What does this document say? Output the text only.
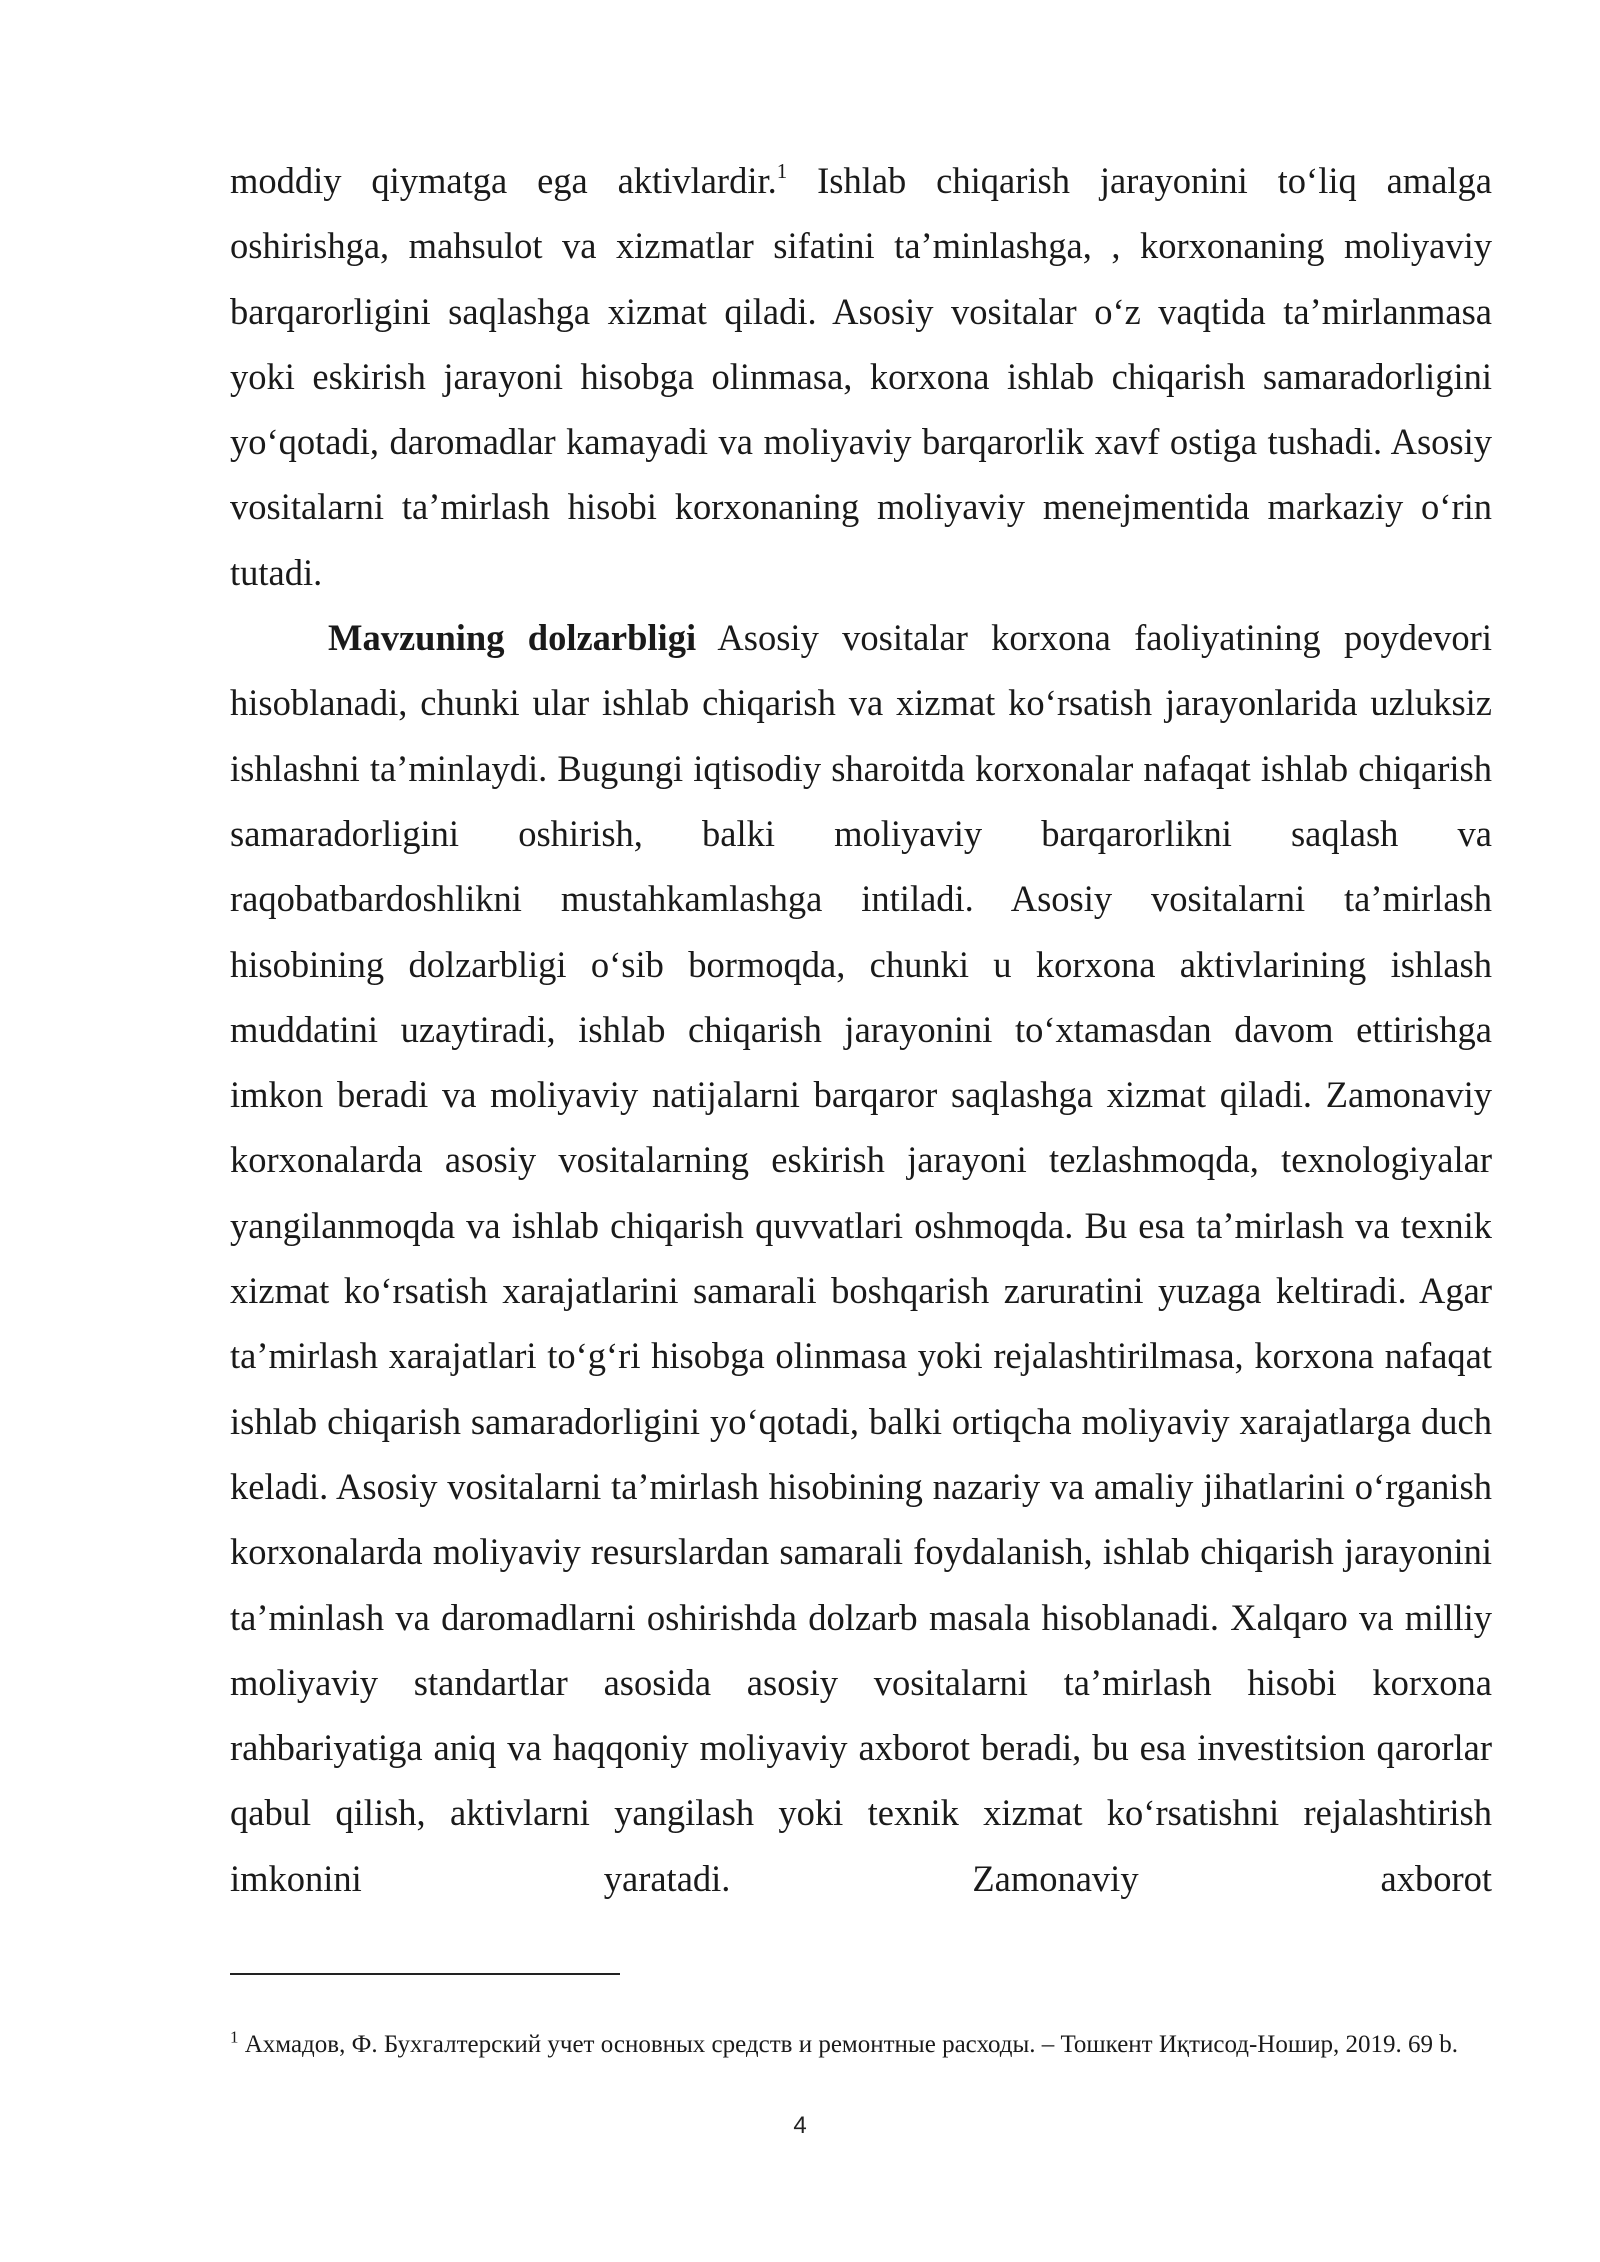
moddiy qiymatga ega aktivlardir.$^1$ Ishlab chiqarish jarayonini to‘liq amalga oshirishga, mahsulot va xizmatlar sifatini ta’minlashga, , korxonaning moliyaviy barqarorligini saqlashga xizmat qiladi. Asosiy vositalar o‘z vaqtida ta’mirlanmasa yoki eskirish jarayoni hisobga olinmasa, korxona ishlab chiqarish samaradorligini yo‘qotadi, daromadlar kamayadi va moliyaviy barqarorlik xavf ostiga tushadi. Asosiy vositalarni ta’mirlash hisobi korxonaning moliyaviy menejmentida markaziy o‘rin tutadi.

Mavzuning dolzarbligi Asosiy vositalar korxona faoliyatining poydevori hisoblanadi, chunki ular ishlab chiqarish va xizmat ko‘rsatish jarayonlarida uzluksiz ishlashni ta’minlaydi. Bugungi iqtisodiy sharoitda korxonalar nafaqat ishlab chiqarish samaradorligini oshirish, balki moliyaviy barqarorlikni saqlash va raqobatbardoshlikni mustahkamlashga intiladi. Asosiy vositalarni ta’mirlash hisobining dolzarbligi o‘sib bormoqda, chunki u korxona aktivlarining ishlash muddatini uzaytiradi, ishlab chiqarish jarayonini to‘xtamasdan davom ettirishga imkon beradi va moliyaviy natijalarni barqaror saqlashga xizmat qiladi. Zamonaviy korxonalarda asosiy vositalarning eskirish jarayoni tezlashmoqda, texnologiyalar yangilanmoqda va ishlab chiqarish quvvatlari oshmoqda. Bu esa ta’mirlash va texnik xizmat ko‘rsatish xarajatlarini samarali boshqarish zaruratini yuzaga keltiradi. Agar ta’mirlash xarajatlari to‘g‘ri hisobga olinmasa yoki rejalashtirilmasa, korxona nafaqat ishlab chiqarish samaradorligini yo‘qotadi, balki ortiqcha moliyaviy xarajatlarga duch keladi. Asosiy vositalarni ta’mirlash hisobining nazariy va amaliy jihatlarini o‘rganish korxonalarda moliyaviy resurslardan samarali foydalanish, ishlab chiqarish jarayonini ta’minlash va daromadlarni oshirishda dolzarb masala hisoblanadi. Xalqaro va milliy moliyaviy standartlar asosida asosiy vositalarni ta’mirlash hisobi korxona rahbariyatiga aniq va haqqoniy moliyaviy axborot beradi, bu esa investitsion qarorlar qabul qilish, aktivlarni yangilash yoki texnik xizmat ko‘rsatishni rejalashtirish imkonini yaratadi. Zamonaviy axborot

$^1$ Ахмадов, Ф. Бухгалтерский учет основных средств и ремонтные расходы. – Тошкент Иқтисод-Ношир, 2019. 69 b.
4
